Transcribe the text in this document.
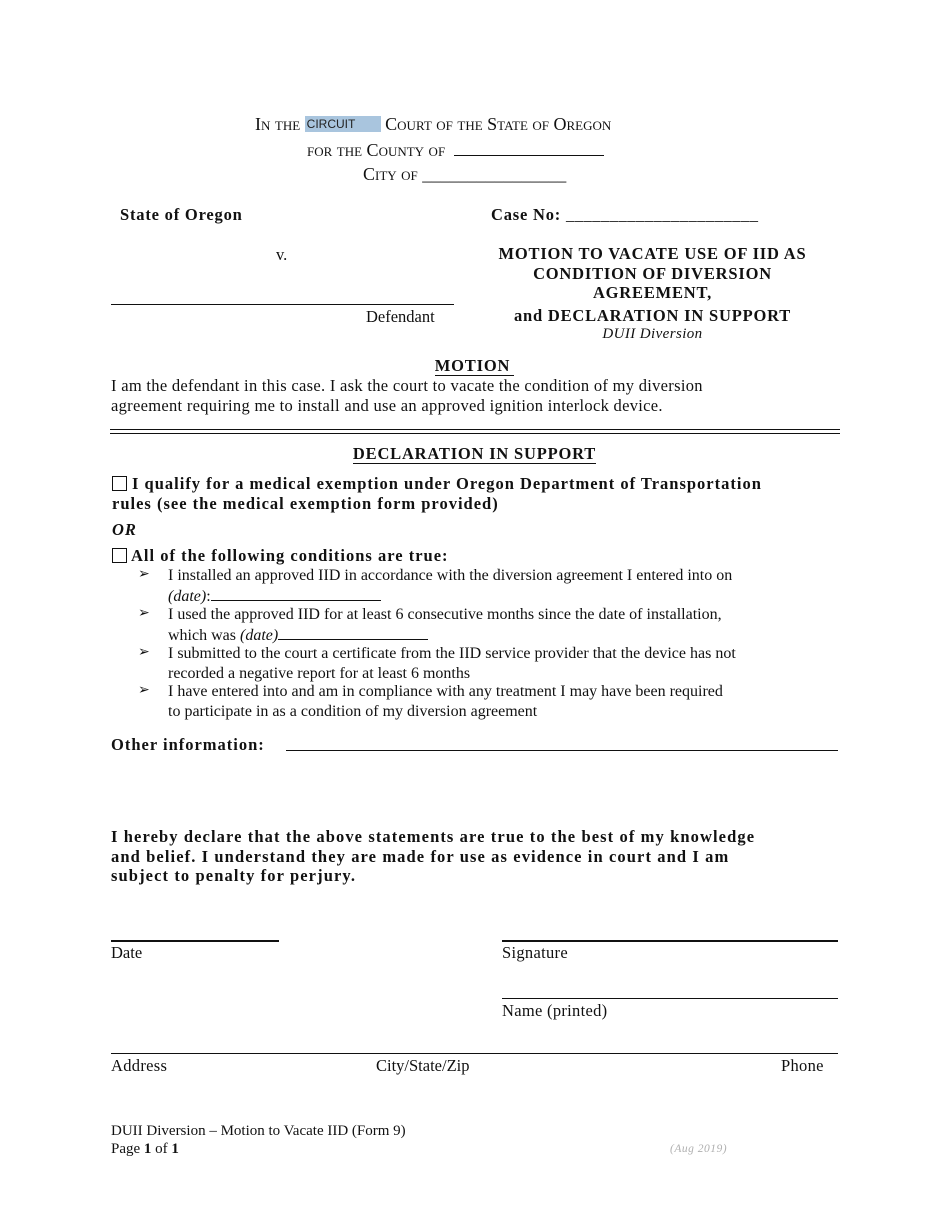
In the CIRCUIT Court of the State of Oregon
for the County of
City of ________________
State of Oregon
v.
Defendant
Case No: ______________________
MOTION TO VACATE USE OF IID AS
CONDITION OF DIVERSION
AGREEMENT,
and DECLARATION IN SUPPORT
DUII Diversion
MOTION
I am the defendant in this case. I ask the court to vacate the condition of my diversion
agreement requiring me to install and use an approved ignition interlock device.
DECLARATION IN SUPPORT
I qualify for a medical exemption under Oregon Department of Transportation
rules (see the medical exemption form provided)
OR
All of the following conditions are true:
➢	I installed an approved IID in accordance with the diversion agreement I entered into on
(date):
➢	I used the approved IID for at least 6 consecutive months since the date of installation,
which was (date)
➢	I submitted to the court a certificate from the IID service provider that the device has not
recorded a negative report for at least 6 months
➢	I have entered into and am in compliance with any treatment I may have been required
to participate in as a condition of my diversion agreement
Other information:
I hereby declare that the above statements are true to the best of my knowledge
and belief. I understand they are made for use as evidence in court and I am
subject to penalty for perjury.
Date	Signature
Name (printed)
Address	City/State/Zip	Phone
DUII Diversion – Motion to Vacate IID (Form 9)
Page 1 of 1	(Aug 2019)
